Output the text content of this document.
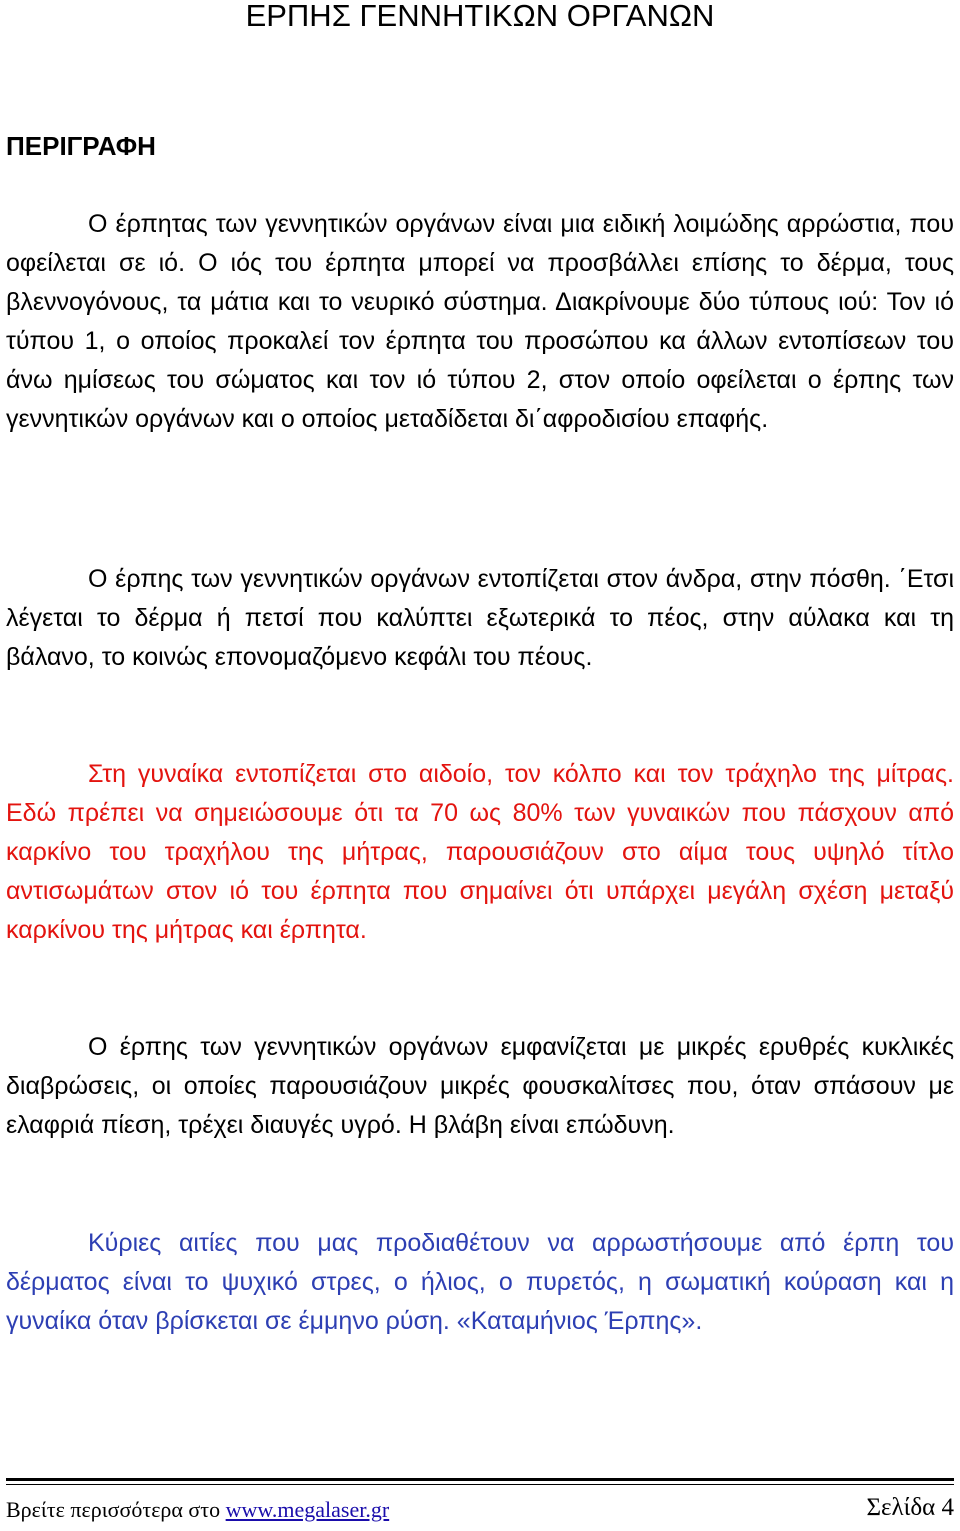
ΕΡΠΗΣ ΓΕΝΝΗΤΙΚΩΝ ΟΡΓΑΝΩΝ
ΠΕΡΙΓΡΑΦΗ

Ο έρπητας των γεννητικών οργάνων είναι μια ειδική λοιμώδης αρρώστια, που οφείλεται σε ιό. Ο ιός του έρπητα μπορεί να προσβάλλει επίσης το δέρμα, τους βλεννογόνους, τα μάτια και το νευρικό σύστημα. Διακρίνουμε δύο τύπους ιού: Τον ιό τύπου 1, ο οποίος προκαλεί τον έρπητα του προσώπου κα άλλων εντοπίσεων του άνω ημίσεως του σώματος και τον ιό τύπου 2, στον οποίο οφείλεται ο έρπης των γεννητικών οργάνων και ο οποίος μεταδίδεται δι΄αφροδισίου επαφής.

Ο έρπης των γεννητικών οργάνων εντοπίζεται στον άνδρα, στην πόσθη. ΄Ετσι λέγεται το δέρμα ή πετσί που καλύπτει εξωτερικά το πέος, στην αύλακα και τη βάλανο, το κοινώς επονομαζόμενο κεφάλι του πέους.

Στη γυναίκα εντοπίζεται στο αιδοίο, τον κόλπο και τον τράχηλο της μίτρας. Εδώ πρέπει να σημειώσουμε ότι τα 70 ως 80% των γυναικών που πάσχουν από καρκίνο του τραχήλου της μήτρας, παρουσιάζουν στο αίμα τους υψηλό τίτλο αντισωμάτων στον ιό του έρπητα που σημαίνει ότι υπάρχει μεγάλη σχέση μεταξύ καρκίνου της μήτρας και έρπητα.

Ο έρπης των γεννητικών οργάνων εμφανίζεται με μικρές ερυθρές κυκλικές διαβρώσεις, οι οποίες παρουσιάζουν μικρές φουσκαλίτσες που, όταν σπάσουν με ελαφριά πίεση, τρέχει διαυγές υγρό. Η βλάβη είναι επώδυνη.

Κύριες αιτίες που μας προδιαθέτουν να αρρωστήσουμε από έρπη του δέρματος είναι το ψυχικό στρες, ο ήλιος, ο πυρετός, η σωματική κούραση και η γυναίκα όταν βρίσκεται σε έμμηνο ρύση. «Καταμήνιος Έρπης».

Βρείτε περισσότερα στο www.megalaser.gr	Σελίδα 4
